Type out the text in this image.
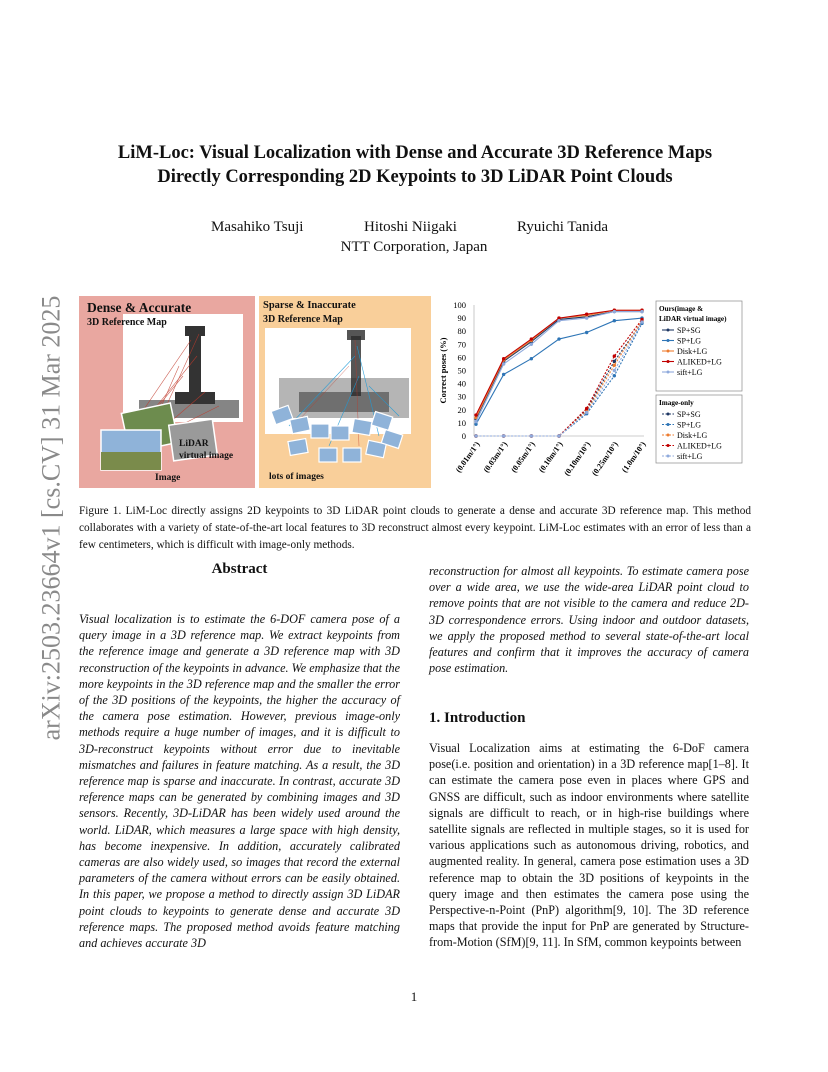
arXiv:2503.23664v1 [cs.CV] 31 Mar 2025
LiM-Loc: Visual Localization with Dense and Accurate 3D Reference Maps
Directly Corresponding 2D Keypoints to 3D LiDAR Point Clouds
Masahiko Tsuji	Hitoshi Niigaki	Ryuichi Tanida
NTT Corporation, Japan
Dense & Accurate
3D Reference Map
LiDAR
virtual image
Image
Sparse & Inaccurate
3D Reference Map
lots of images
0
10
20
30
40
50
60
70
80
90
100
Correct poses (%)
(0.01m/1°) (0.03m/1°) (0.05m/1°) (0.10m/1°)
(0.10m/10°)
(0.25m/10°) (1.0m/10°)
Ours(image &
LiDAR virtual image)
SP+SG
SP+LG
Disk+LG
ALIKED+LG
sift+LG
Image-only
SP+SG
SP+LG
Disk+LG
ALIKED+LG
sift+LG
Figure 1. LiM-Loc directly assigns 2D keypoints to 3D LiDAR point clouds to generate a dense and accurate 3D reference map. This method collaborates with a variety of state-of-the-art local features to 3D reconstruct almost every keypoint. LiM-Loc estimates with an error of less than a few centimeters, which is difficult with image-only methods.
Abstract
Visual localization is to estimate the 6-DOF camera pose of a query image in a 3D reference map. We extract keypoints from the reference image and generate a 3D reference map with 3D reconstruction of the keypoints in advance. We emphasize that the more keypoints in the 3D reference map and the smaller the error of the 3D positions of the keypoints, the higher the accuracy of the camera pose estimation. However, previous image-only methods require a huge number of images, and it is difficult to 3D-reconstruct keypoints without error due to inevitable mismatches and failures in feature matching. As a result, the 3D reference map is sparse and inaccurate. In contrast, accurate 3D reference maps can be generated by combining images and 3D sensors. Recently, 3D-LiDAR has been widely used around the world. LiDAR, which measures a large space with high density, has become inexpensive. In addition, accurately calibrated cameras are also widely used, so images that record the external parameters of the camera without errors can be easily obtained. In this paper, we propose a method to directly assign 3D LiDAR point clouds to keypoints to generate dense and accurate 3D reference maps. The proposed method avoids feature matching and achieves accurate 3D
reconstruction for almost all keypoints. To estimate camera pose over a wide area, we use the wide-area LiDAR point cloud to remove points that are not visible to the camera and reduce 2D-3D correspondence errors. Using indoor and outdoor datasets, we apply the proposed method to several state-of-the-art local features and confirm that it improves the accuracy of camera pose estimation.
1. Introduction
Visual Localization aims at estimating the 6-DoF camera pose(i.e. position and orientation) in a 3D reference map[1–8]. It can estimate the camera pose even in places where GPS and GNSS are difficult, such as indoor environments where satellite signals are difficult to reach, or in high-rise buildings where satellite signals are reflected in multiple stages, so it is used for various applications such as autonomous driving, robotics, and augmented reality. In general, camera pose estimation uses a 3D reference map to obtain the 3D positions of keypoints in the query image and then estimates the camera pose using the Perspective-n-Point (PnP) algorithm[9, 10]. The 3D reference maps that provide the input for PnP are generated by Structure-from-Motion (SfM)[9, 11]. In SfM, common keypoints between
1
